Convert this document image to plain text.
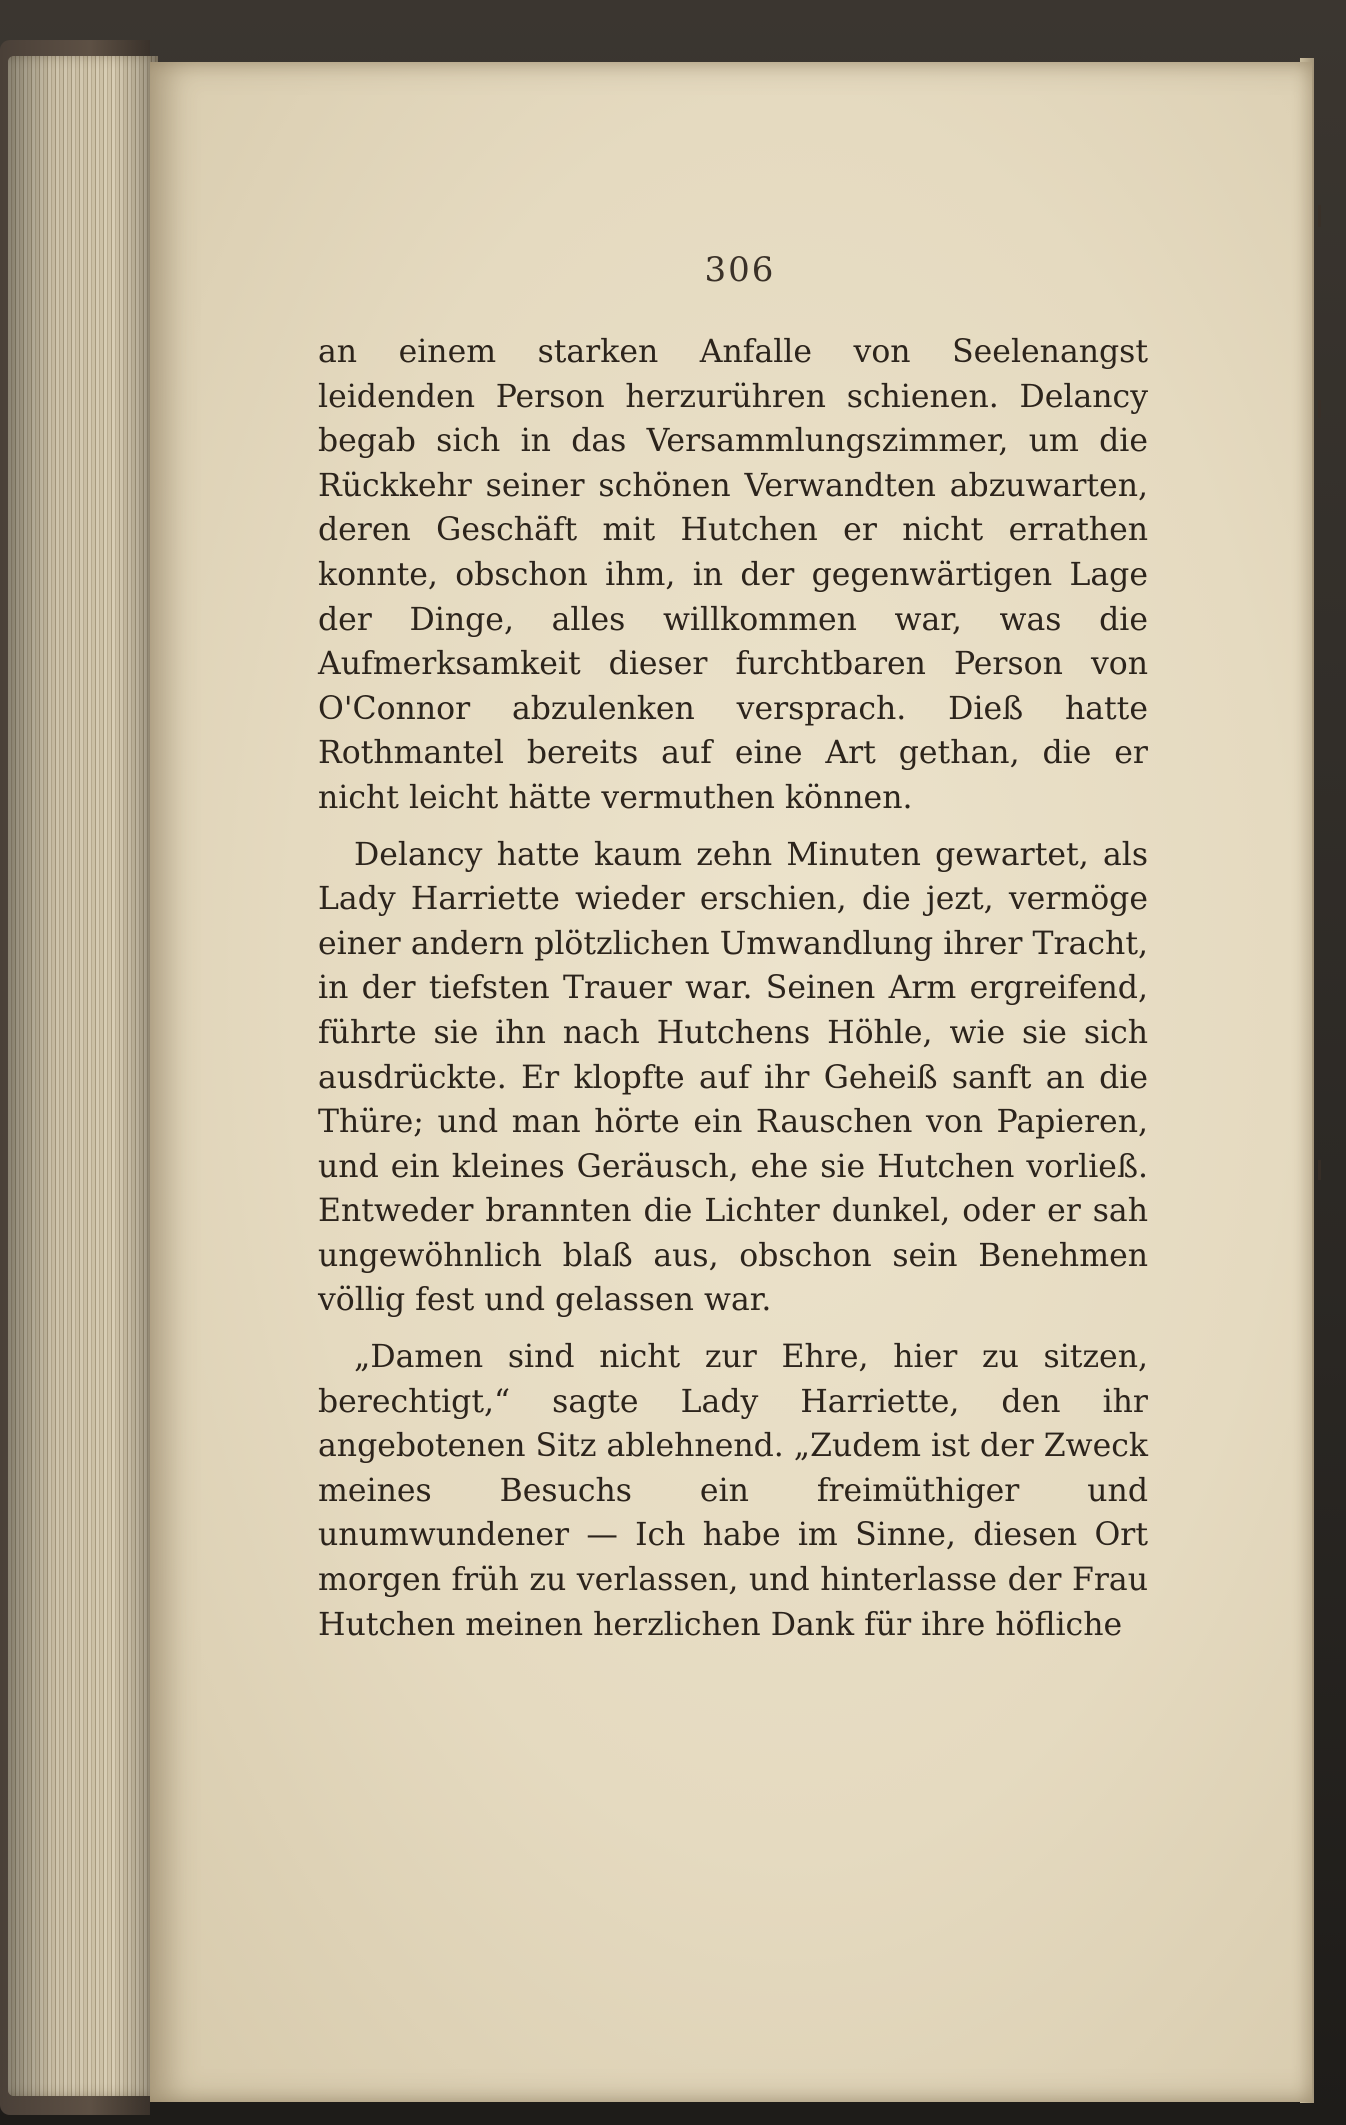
306

an einem starken Anfalle von Seelenangst leidenden Person herzurühren schienen. Delancy begab sich in das Versammlungszimmer, um die Rückkehr seiner schönen Verwandten abzuwarten, deren Geschäft mit Hutchen er nicht errathen konnte, obschon ihm, in der gegenwärtigen Lage der Dinge, alles willkommen war, was die Aufmerksamkeit dieser furchtbaren Person von O'Connor abzulenken versprach. Dieß hatte Rothmantel bereits auf eine Art gethan, die er nicht leicht hätte vermuthen können.

Delancy hatte kaum zehn Minuten gewartet, als Lady Harriette wieder erschien, die jezt, vermöge einer andern plötzlichen Umwandlung ihrer Tracht, in der tiefsten Trauer war. Seinen Arm ergreifend, führte sie ihn nach Hutchens Höhle, wie sie sich ausdrückte. Er klopfte auf ihr Geheiß sanft an die Thüre; und man hörte ein Rauschen von Papieren, und ein kleines Geräusch, ehe sie Hutchen vorließ. Entweder brannten die Lichter dunkel, oder er sah ungewöhnlich blaß aus, obschon sein Benehmen völlig fest und gelassen war.

„Damen sind nicht zur Ehre, hier zu sitzen, berechtigt,“ sagte Lady Harriette, den ihr angebotenen Sitz ablehnend. „Zudem ist der Zweck meines Besuchs ein freimüthiger und unumwundener — Ich habe im Sinne, diesen Ort morgen früh zu verlassen, und hinterlasse der Frau Hutchen meinen herzlichen Dank für ihre höfliche
